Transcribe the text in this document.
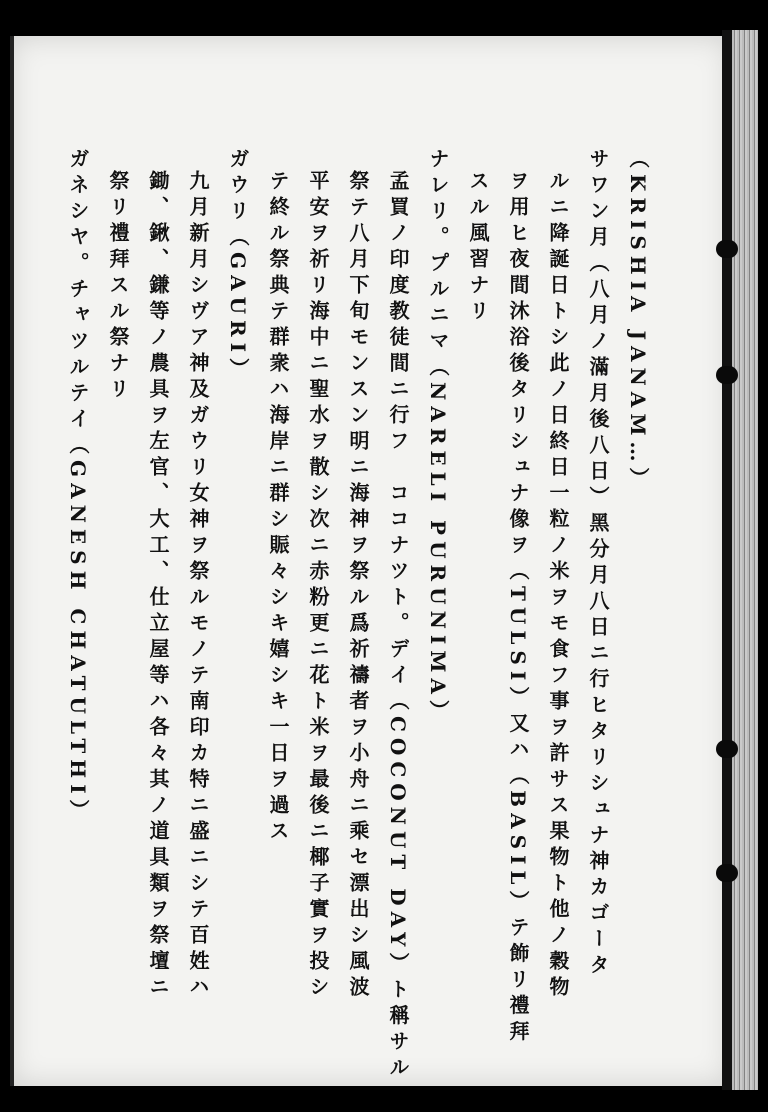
（KRISHIA JANAM…）
サワン月（八月ノ滿月後八日）黑分月八日ニ行ヒタリシュナ神カゴータ
ルニ降誕日トシ此ノ日終日一粒ノ米ヲモ食フ事ヲ許サス果物ト他ノ穀物
ヲ用ヒ夜間沐浴後タリシュナ像ヲ（TULSI）又ハ（BASIL）テ飾リ禮拜
スル風習ナリ
ナレリ。プルニマ（NARELI PURUNIMA）
孟買ノ印度教徒間ニ行フ　ココナツト。デイ（COCONUT DAY）ト稱サル
祭テ八月下旬モンスン明ニ海神ヲ祭ル爲祈禱者ヲ小舟ニ乘セ漂出シ風波
平安ヲ祈リ海中ニ聖水ヲ散シ次ニ赤粉更ニ花ト米ヲ最後ニ椰子實ヲ投シ
テ終ル祭典テ群衆ハ海岸ニ群シ賑々シキ嬉シキ一日ヲ過ス
ガウリ（GAURI）
九月新月シヴア神及ガウリ女神ヲ祭ルモノテ南印カ特ニ盛ニシテ百姓ハ
鋤、鍬、鎌等ノ農具ヲ左官、大工、仕立屋等ハ各々其ノ道具類ヲ祭壇ニ
祭リ禮拜スル祭ナリ
ガネシヤ。チャツルテイ（GANESH CHATULTHI）
